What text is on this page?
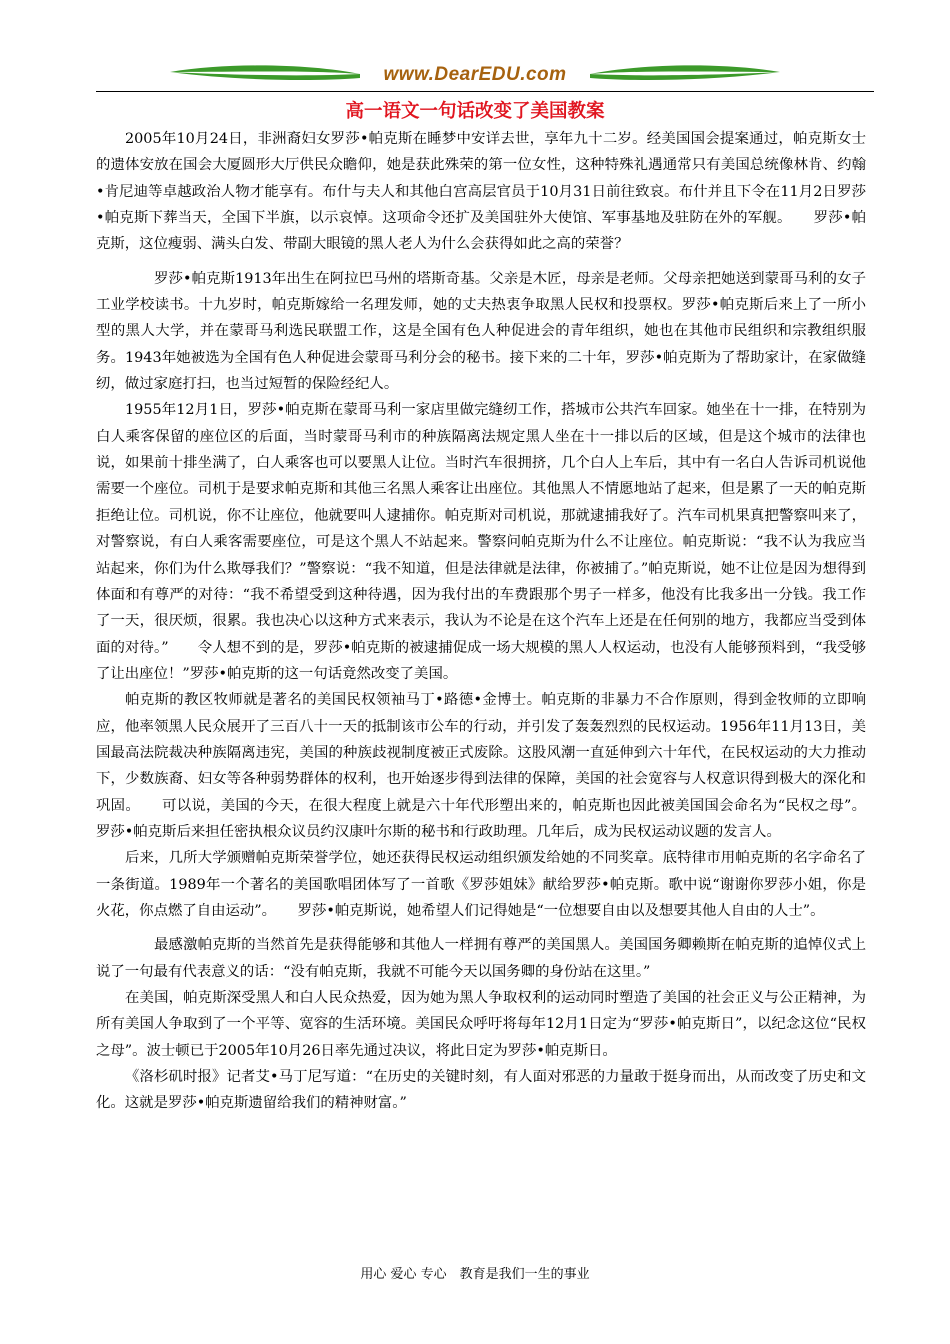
www.DearEDU.com
高一语文一句话改变了美国教案

2005年10月24日，非洲裔妇女罗莎•帕克斯在睡梦中安详去世，享年九十二岁。经美国国会提案通过，帕克斯女士的遗体安放在国会大厦圆形大厅供民众瞻仰，她是获此殊荣的第一位女性，这种特殊礼遇通常只有美国总统像林肯、约翰•肯尼迪等卓越政治人物才能享有。布什与夫人和其他白宫高层官员于10月31日前往致哀。布什并且下令在11月2日罗莎•帕克斯下葬当天，全国下半旗，以示哀悼。这项命令还扩及美国驻外大使馆、军事基地及驻防在外的军舰。　　罗莎•帕克斯，这位瘦弱、满头白发、带副大眼镜的黑人老人为什么会获得如此之高的荣誉？

罗莎•帕克斯1913年出生在阿拉巴马州的塔斯奇基。父亲是木匠，母亲是老师。父母亲把她送到蒙哥马利的女子工业学校读书。十九岁时，帕克斯嫁给一名理发师，她的丈夫热衷争取黑人民权和投票权。罗莎•帕克斯后来上了一所小型的黑人大学，并在蒙哥马利选民联盟工作，这是全国有色人种促进会的青年组织，她也在其他市民组织和宗教组织服务。1943年她被选为全国有色人种促进会蒙哥马利分会的秘书。接下来的二十年，罗莎•帕克斯为了帮助家计，在家做缝纫，做过家庭打扫，也当过短暂的保险经纪人。

1955年12月1日，罗莎•帕克斯在蒙哥马利一家店里做完缝纫工作，搭城市公共汽车回家。她坐在十一排，在特别为白人乘客保留的座位区的后面，当时蒙哥马利市的种族隔离法规定黑人坐在十一排以后的区域，但是这个城市的法律也说，如果前十排坐满了，白人乘客也可以要黑人让位。当时汽车很拥挤，几个白人上车后，其中有一名白人告诉司机说他需要一个座位。司机于是要求帕克斯和其他三名黑人乘客让出座位。其他黑人不情愿地站了起来，但是累了一天的帕克斯拒绝让位。司机说，你不让座位，他就要叫人逮捕你。帕克斯对司机说，那就逮捕我好了。汽车司机果真把警察叫来了，对警察说，有白人乘客需要座位，可是这个黑人不站起来。警察问帕克斯为什么不让座位。帕克斯说：“我不认为我应当站起来，你们为什么欺辱我们？”警察说：“我不知道，但是法律就是法律，你被捕了。”帕克斯说，她不让位是因为想得到体面和有尊严的对待：“我不希望受到这种待遇，因为我付出的车费跟那个男子一样多，他没有比我多出一分钱。我工作了一天，很厌烦，很累。我也决心以这种方式来表示，我认为不论是在这个汽车上还是在任何别的地方，我都应当受到体面的对待。”　　令人想不到的是，罗莎•帕克斯的被逮捕促成一场大规模的黑人人权运动，也没有人能够预料到，“我受够了让出座位！”罗莎•帕克斯的这一句话竟然改变了美国。

帕克斯的教区牧师就是著名的美国民权领袖马丁•路德•金博士。帕克斯的非暴力不合作原则，得到金牧师的立即响应，他率领黑人民众展开了三百八十一天的抵制该市公车的行动，并引发了轰轰烈烈的民权运动。1956年11月13日，美国最高法院裁决种族隔离违宪，美国的种族歧视制度被正式废除。这股风潮一直延伸到六十年代，在民权运动的大力推动下，少数族裔、妇女等各种弱势群体的权利，也开始逐步得到法律的保障，美国的社会宽容与人权意识得到极大的深化和巩固。　　可以说，美国的今天，在很大程度上就是六十年代形塑出来的，帕克斯也因此被美国国会命名为“民权之母”。罗莎•帕克斯后来担任密执根众议员约汉康叶尔斯的秘书和行政助理。几年后，成为民权运动议题的发言人。

后来，几所大学颁赠帕克斯荣誉学位，她还获得民权运动组织颁发给她的不同奖章。底特律市用帕克斯的名字命名了一条街道。1989年一个著名的美国歌唱团体写了一首歌《罗莎姐妹》献给罗莎•帕克斯。歌中说“谢谢你罗莎小姐，你是火花，你点燃了自由运动”。　　罗莎•帕克斯说，她希望人们记得她是“一位想要自由以及想要其他人自由的人士”。

最感激帕克斯的当然首先是获得能够和其他人一样拥有尊严的美国黑人。美国国务卿赖斯在帕克斯的追悼仪式上说了一句最有代表意义的话：“没有帕克斯，我就不可能今天以国务卿的身份站在这里。”

在美国，帕克斯深受黑人和白人民众热爱，因为她为黑人争取权利的运动同时塑造了美国的社会正义与公正精神，为所有美国人争取到了一个平等、宽容的生活环境。美国民众呼吁将每年12月1日定为“罗莎•帕克斯日”，以纪念这位“民权之母”。波士顿已于2005年10月26日率先通过决议，将此日定为罗莎•帕克斯日。

《洛杉矶时报》记者艾•马丁尼写道：“在历史的关键时刻，有人面对邪恶的力量敢于挺身而出，从而改变了历史和文化。这就是罗莎•帕克斯遗留给我们的精神财富。”

用心 爱心 专心　教育是我们一生的事业
